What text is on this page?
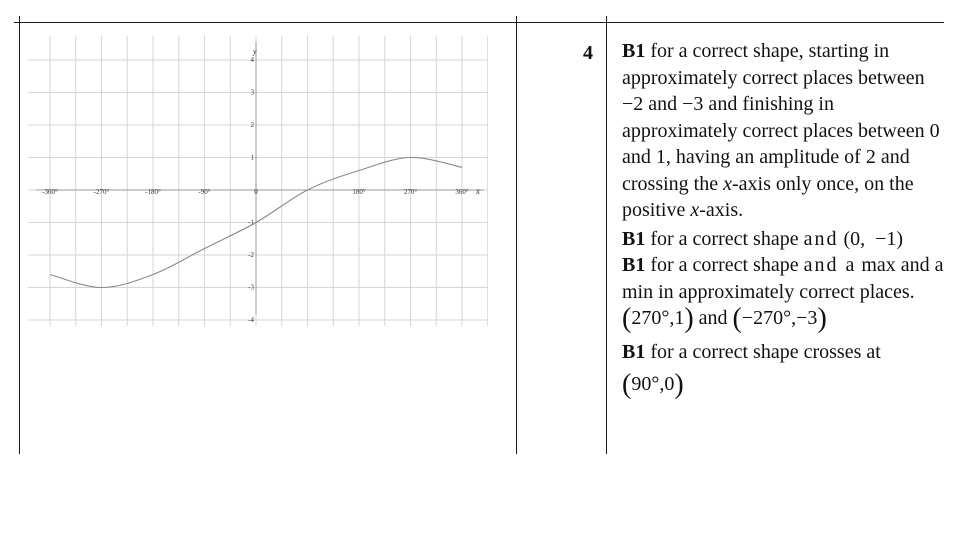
-360°	-270°	-180°	-90°	0	180°	270°	360°
4
3
2
1
-1
-2
-3
-4
x
y	4 B1 for a correct shape, starting in approximately correct places between −2 and −3 and finishing in approximately correct places between 0 and 1, having an amplitude of 2 and crossing the x-axis only once, on the positive x-axis.

B1 for a correct shape and (0,  −1)

B1 for a correct shape and a max and a min in approximately correct places. (270°,1) and (−270°,−3)

B1 for a correct shape crosses at

(90°,0)
